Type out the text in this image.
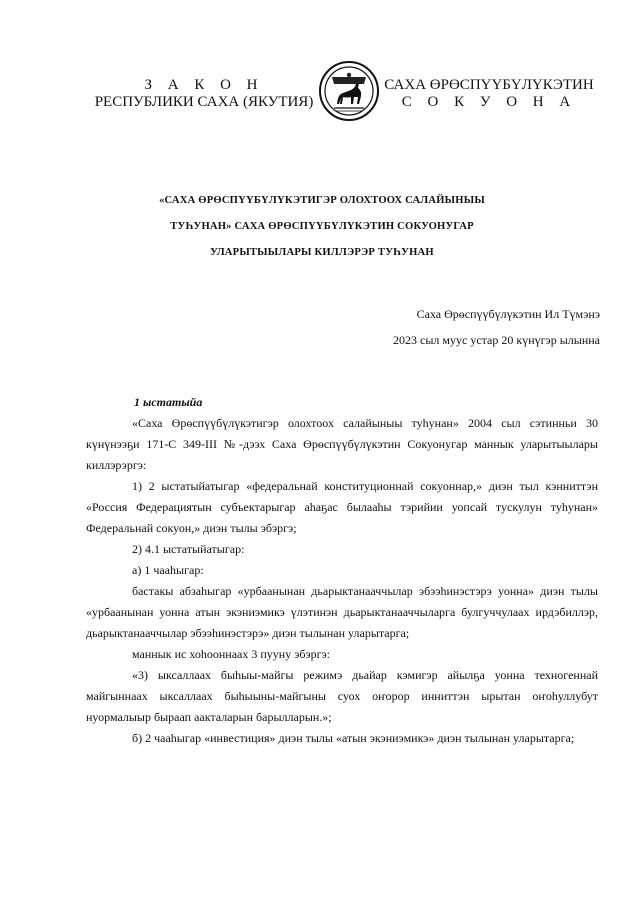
З А К О Н
РЕСПУБЛИКИ САХА (ЯКУТИЯ)
САХА ӨРӨСПҮҮБҮЛҮКЭТИН
С О К У О Н А
«САХА ӨРӨСПҮҮБҮЛҮКЭТИГЭР ОЛОХТООХ САЛАЙЫНЫЫ
ТУҺУНАН» САХА ӨРӨСПҮҮБҮЛҮКЭТИН СОКУОНУГАР
УЛАРЫТЫЫЛАРЫ КИЛЛЭРЭР ТУҺУНАН
Саха Өрөспүүбүлүкэтин Ил Түмэнэ
2023 сыл муус устар 20 күнүгэр ылынна
1 ыстатыйа

«Саха Өрөспүүбүлүкэтигэр олохтоох салайыныы туһунан» 2004 сыл сэтинньи 30 күнүнээҕи 171-С 349-III №-дээх Саха Өрөспүүбүлүкэтин Сокуонугар маннык уларытыылары киллэрэргэ:

1) 2 ыстатыйатыгар «федеральнай конституционнай сокуоннар,» диэн тыл кэнниттэн «Россия Федерациятын субъектарыгар аһаҕас былааһы тэрийии уопсай тускулун туһунан» Федеральнай сокуон,» диэн тылы эбэргэ;

2) 4.1 ыстатыйатыгар:

а) 1 чааһыгар:

бастакы абзаһыгар «урбаанынан дьарыктанааччылар эбээһинэстэрэ уонна» диэн тылы «урбаанынан уонна атын экэниэмикэ үлэтинэн дьарыктанааччыларга булгуччулаах ирдэбиллэр, дьарыктанааччылар эбээһинэстэрэ» диэн тылынан уларытарга;

маннык ис хоһооннаах 3 пууну эбэргэ:

«3) ыксаллаах быһыы-майгы режимэ дьайар кэмигэр айылҕа уонна техногеннай майгыннаах ыксаллаах быһыыны-майгыны суох оҥорор инниттэн ырытан оҥоһуллубут нуормалыыр быраап аакталарын барылларын.»;

б) 2 чааһыгар «инвестиция» диэн тылы «атын экэниэмикэ» диэн тылынан уларытарга;
